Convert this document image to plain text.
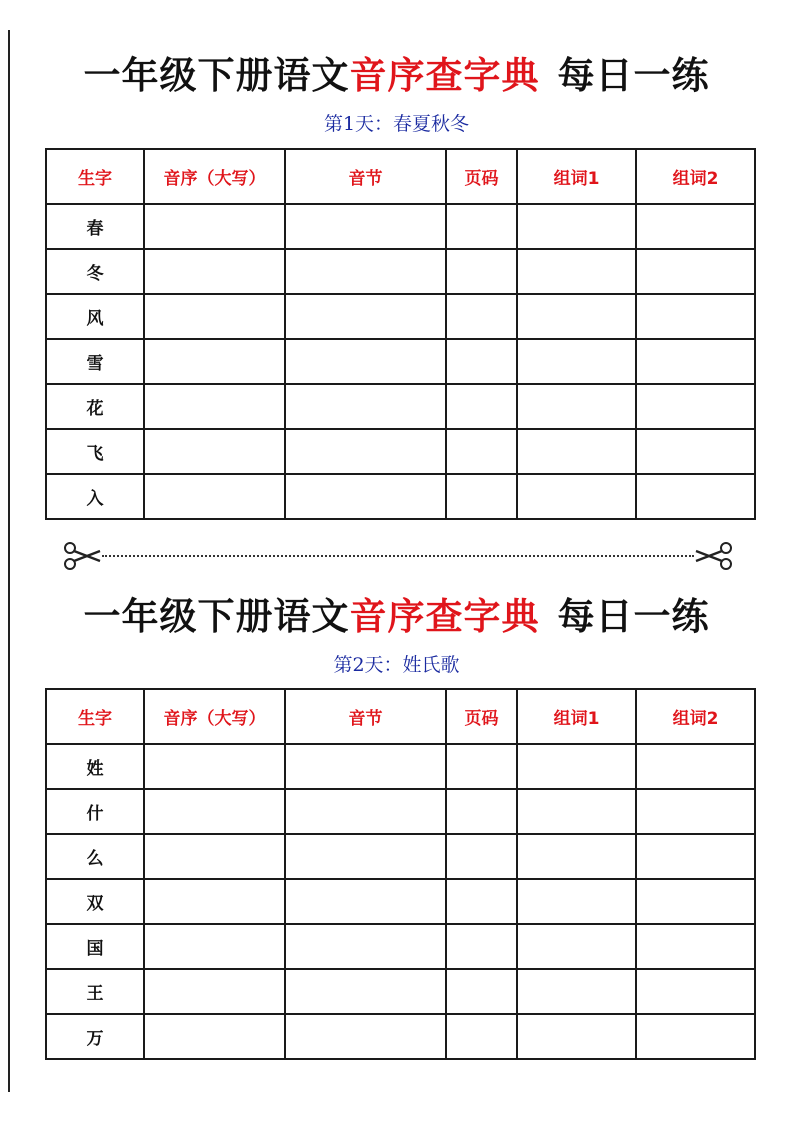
一年级下册语文音序查字典 每日一练
第1天：春夏秋冬
生字	音序（大写）	音节	页码	组词1	组词2
春					
冬					
风					
雪					
花					
飞					
入					
一年级下册语文音序查字典 每日一练
第2天：姓氏歌
生字	音序（大写）	音节	页码	组词1	组词2
姓					
什					
么					
双					
国					
王					
万					
